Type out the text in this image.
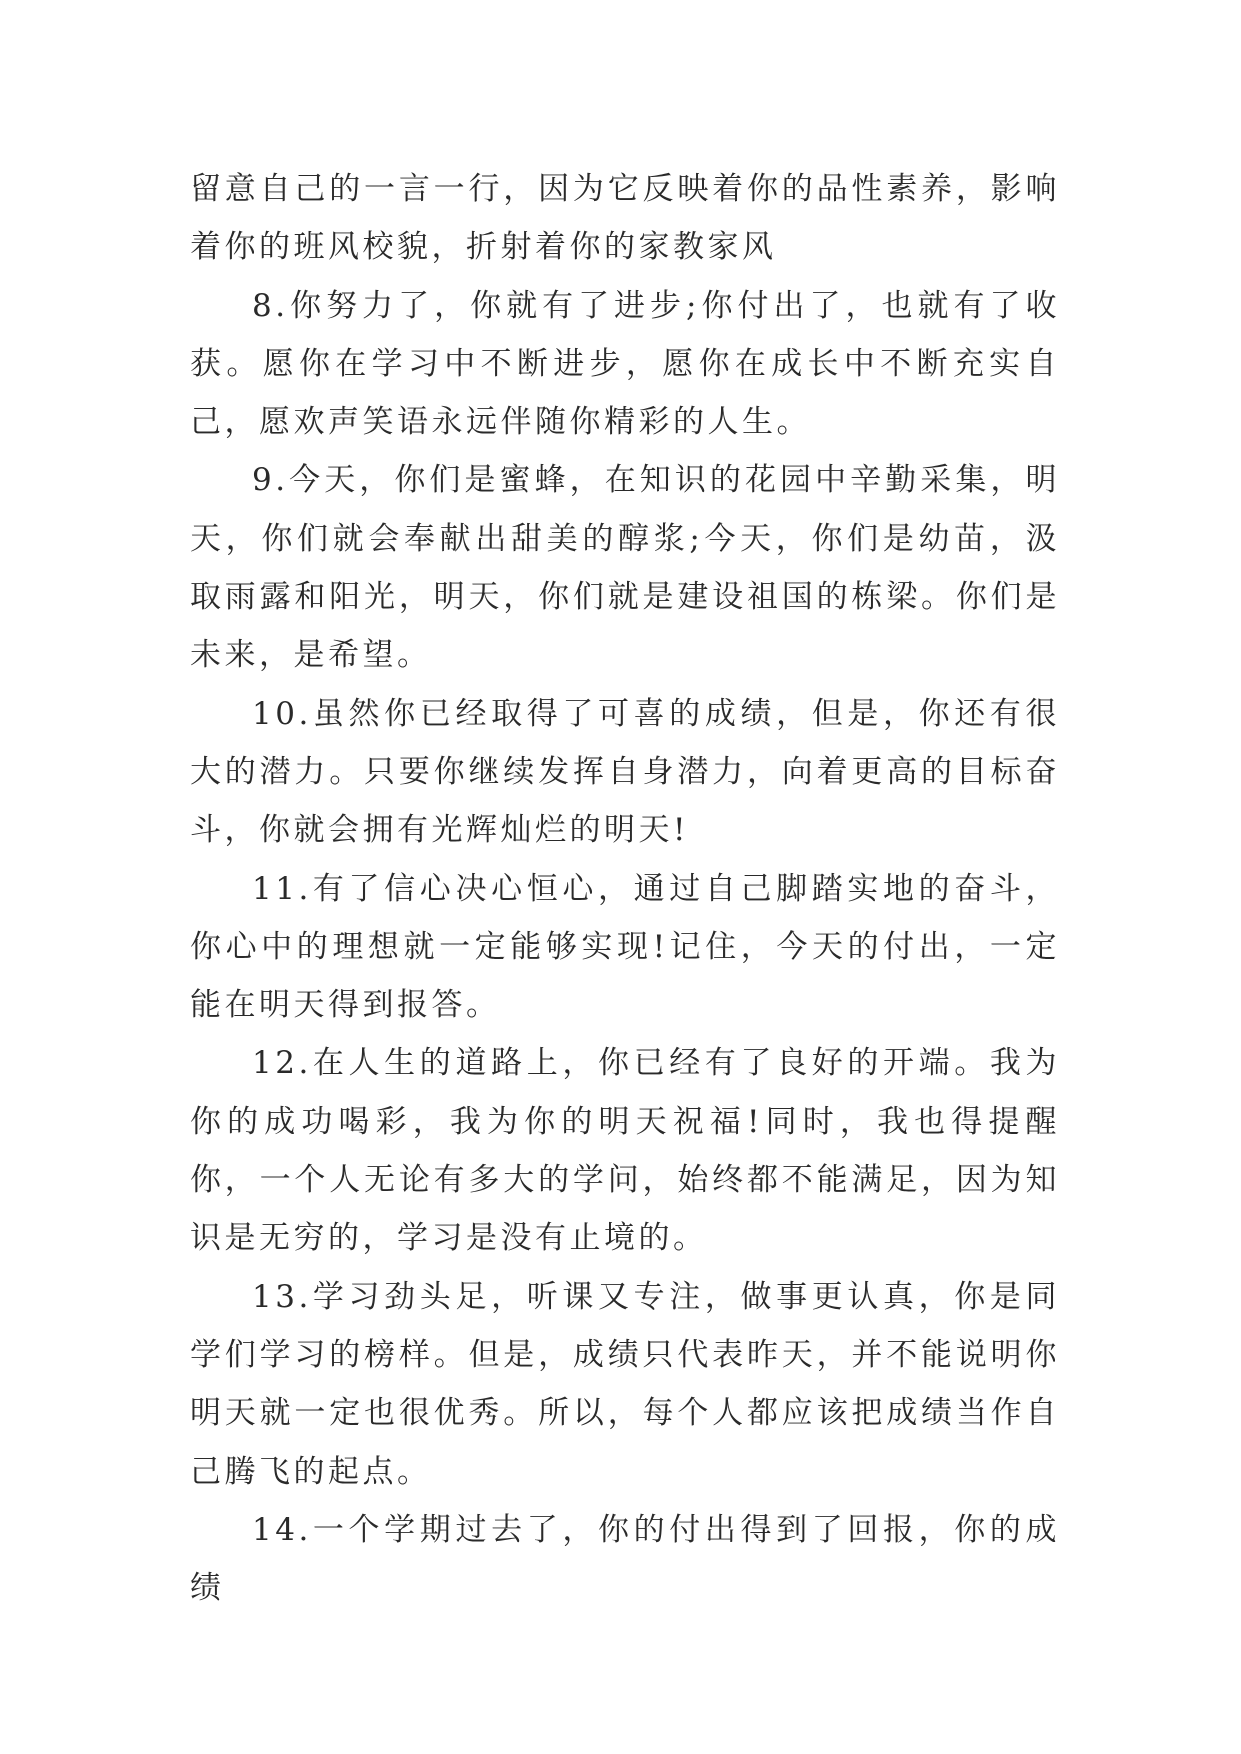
留意自己的一言一行，因为它反映着你的品性素养，影响着你的班风校貌，折射着你的家教家风

8.你努力了，你就有了进步;你付出了，也就有了收获。愿你在学习中不断进步，愿你在成长中不断充实自己，愿欢声笑语永远伴随你精彩的人生。

9.今天，你们是蜜蜂，在知识的花园中辛勤采集，明天，你们就会奉献出甜美的醇浆;今天，你们是幼苗，汲取雨露和阳光，明天，你们就是建设祖国的栋梁。你们是未来，是希望。

10.虽然你已经取得了可喜的成绩，但是，你还有很大的潜力。只要你继续发挥自身潜力，向着更高的目标奋斗，你就会拥有光辉灿烂的明天!

11.有了信心决心恒心，通过自己脚踏实地的奋斗，你心中的理想就一定能够实现!记住，今天的付出，一定能在明天得到报答。

12.在人生的道路上，你已经有了良好的开端。我为你的成功喝彩，我为你的明天祝福!同时，我也得提醒你，一个人无论有多大的学问，始终都不能满足，因为知识是无穷的，学习是没有止境的。

13.学习劲头足，听课又专注，做事更认真，你是同学们学习的榜样。但是，成绩只代表昨天，并不能说明你明天就一定也很优秀。所以，每个人都应该把成绩当作自己腾飞的起点。

14.一个学期过去了，你的付出得到了回报，你的成绩
